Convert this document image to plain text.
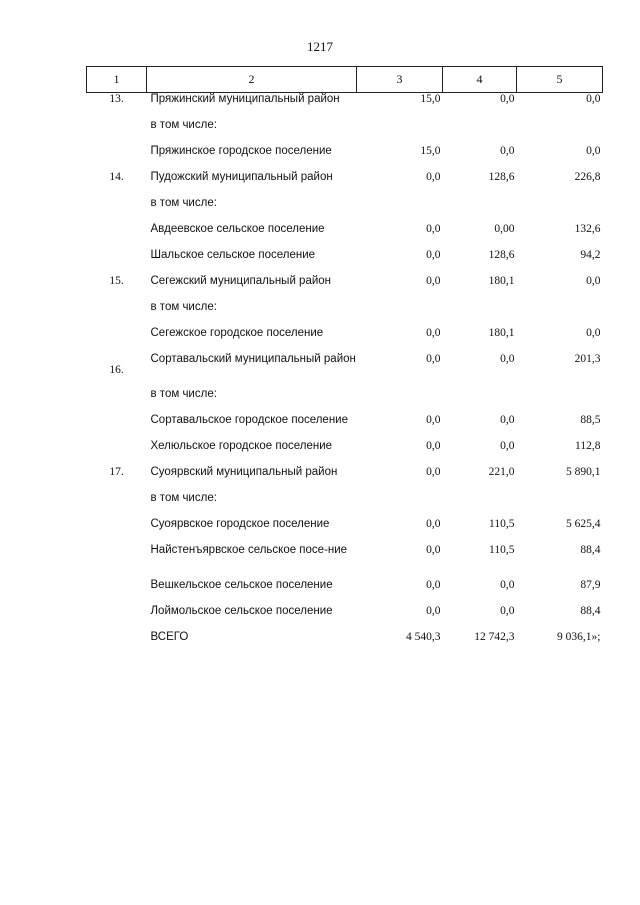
1217
1	2	3	4	5
13.	Пряжинский муниципальный район	15,0	0,0	0,0
	в том числе:			
	Пряжинское городское поселение	15,0	0,0	0,0
14.	Пудожский муниципальный район	0,0	128,6	226,8
	в том числе:			
	Авдеевское сельское поселение	0,0	0,00	132,6
	Шальское сельское поселение	0,0	128,6	94,2
15.	Сегежский муниципальный район	0,0	180,1	0,0
	в том числе:			
	Сегежское городское поселение	0,0	180,1	0,0
16.	Сортавальский муниципальный район	0,0	0,0	201,3
	в том числе:			
	Сортавальское городское поселение	0,0	0,0	88,5
	Хелюльское городское поселение	0,0	0,0	112,8
17.	Суоярвский муниципальный район	0,0	221,0	5 890,1
	в том числе:			
	Суоярвское городское поселение	0,0	110,5	5 625,4
	Найстенъярвское сельское посе-ние	0,0	110,5	88,4
	Вешкельское сельское поселение	0,0	0,0	87,9
	Лоймольское сельское поселение	0,0	0,0	88,4
	ВСЕГО	4 540,3	12 742,3	9 036,1»;
